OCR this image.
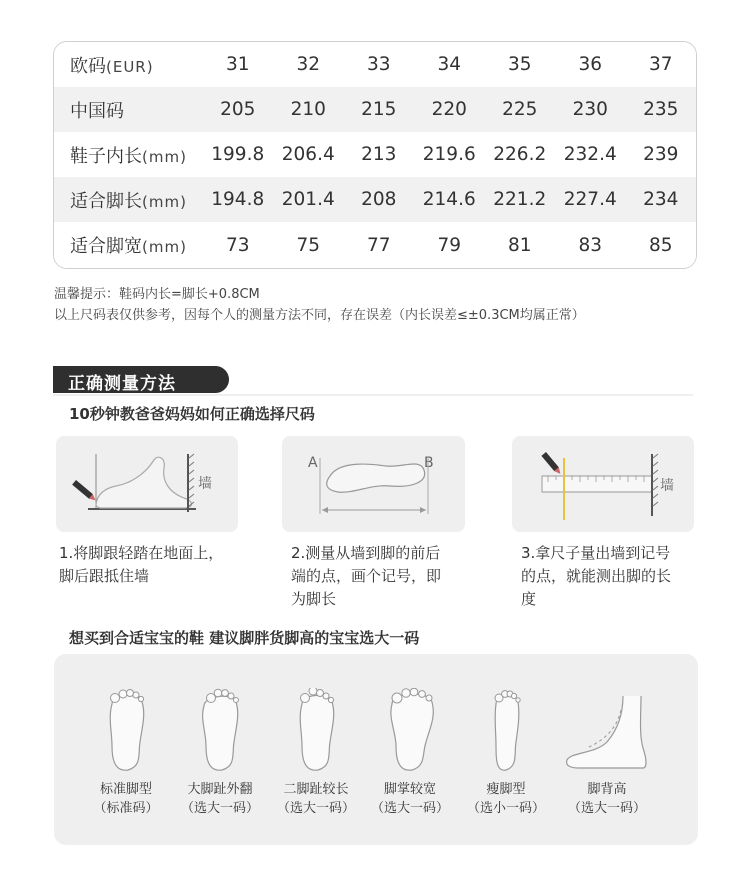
欧码(EUR)	31	32	33	34	35	36	37
中国码	205	210	215	220	225	230	235
鞋子内长(mm)	199.8 206.4	213	219.6 226.2 232.4	239
适合脚长(mm)	194.8 201.4	208	214.6 221.2 227.4	234
适合脚宽(mm)	73	75	77	79	81	83	85
温馨提示：鞋码内长=脚长+0.8CM
以上尺码表仅供参考，因每个人的测量方法不同，存在误差（内长误差≤±0.3CM均属正常）
正确测量方法
10秒钟教爸爸妈妈如何正确选择尺码
墙
A	B
墙
1.将脚跟轻踏在地面上，
脚后跟抵住墙
2.测量从墙到脚的前后
端的点，画个记号，即
为脚长
3.拿尺子量出墙到记号
的点，就能测出脚的长
度
想买到合适宝宝的鞋 建议脚胖货脚高的宝宝选大一码
标准脚型
（标准码）
大脚趾外翻
（选大一码）
二脚趾较长
（选大一码）
脚掌较宽
（选大一码）
瘦脚型
（选小一码）
脚背高
（选大一码）
